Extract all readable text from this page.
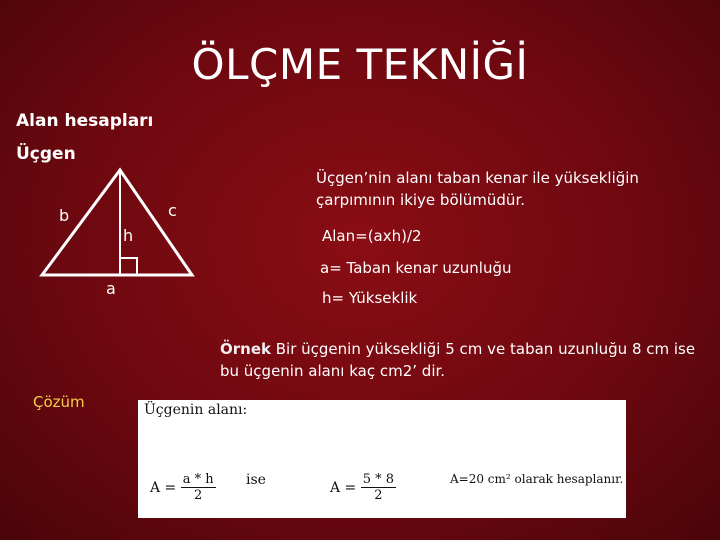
ÖLÇME TEKNİĞİ
Alan hesapları
Üçgen
b	c
h
a
Üçgen’nin alanı taban kenar ile yüksekliğin çarpımının ikiye bölümüdür.
Alan=(axh)/2
a= Taban kenar uzunluğu
h= Yükseklik
Örnek Bir üçgenin yüksekliği 5 cm ve taban uzunluğu 8 cm ise bu üçgenin alanı kaç cm2’ dir.
Çözüm	Üçgenin alanı:
A =
$\frac{a * h}{2}$ ise	A =
$\frac{5 * 8}{2}$	A=20 cm² olarak hesaplanır.
